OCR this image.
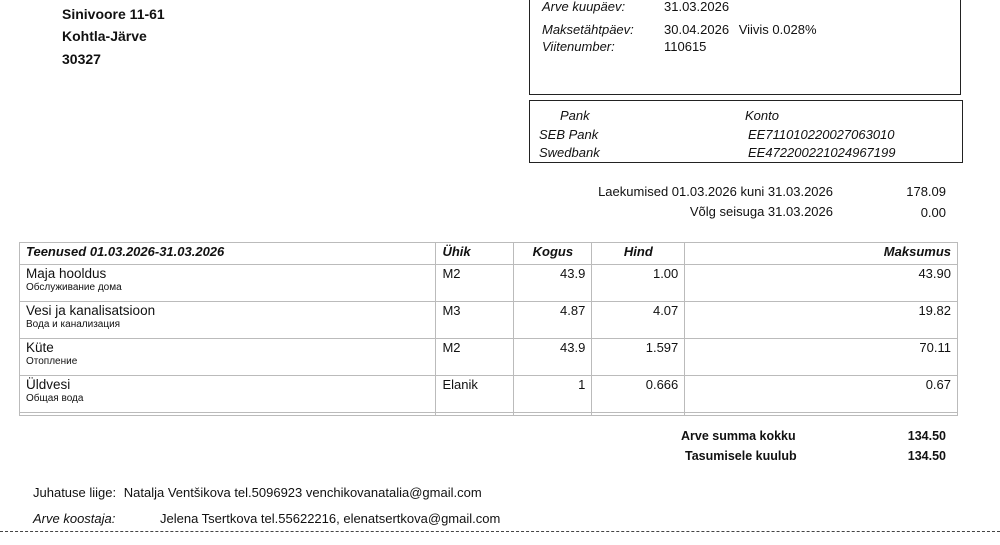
Sinivoore 11-61
Kohtla-Järve
30327
Arve kuupäev:	31.03.2026
Maksetähtpäev: 30.04.2026 Viivis 0.028%
Viitenumber:	110615
Pank	Konto
SEB Pank	EE711010220027063010
Swedbank	EE472200221024967199
Laekumised 01.03.2026 kuni 31.03.2026	178.09
Võlg seisuga 31.03.2026	0.00
Teenused 01.03.2026-31.03.2026	Ühik	Kogus	Hind	Maksumus

Maja hooldus
Обслуживание дома	M2	43.9	1.00	43.90

Vesi ja kanalisatsioon
Вода и канализация	M3	4.87	4.07	19.82

Küte
Отопление	M2	43.9	1.597	70.11

Üldvesi
Общая вода	Elanik	1	0.666	0.67

Arve summa kokku	134.50
Tasumisele kuulub	134.50
Juhatuse liige: Natalja Ventšikova tel.5096923 venchikovanatalia@gmail.com
Arve koostaja:	Jelena Tsertkova tel.55622216, elenatsertkova@gmail.com
